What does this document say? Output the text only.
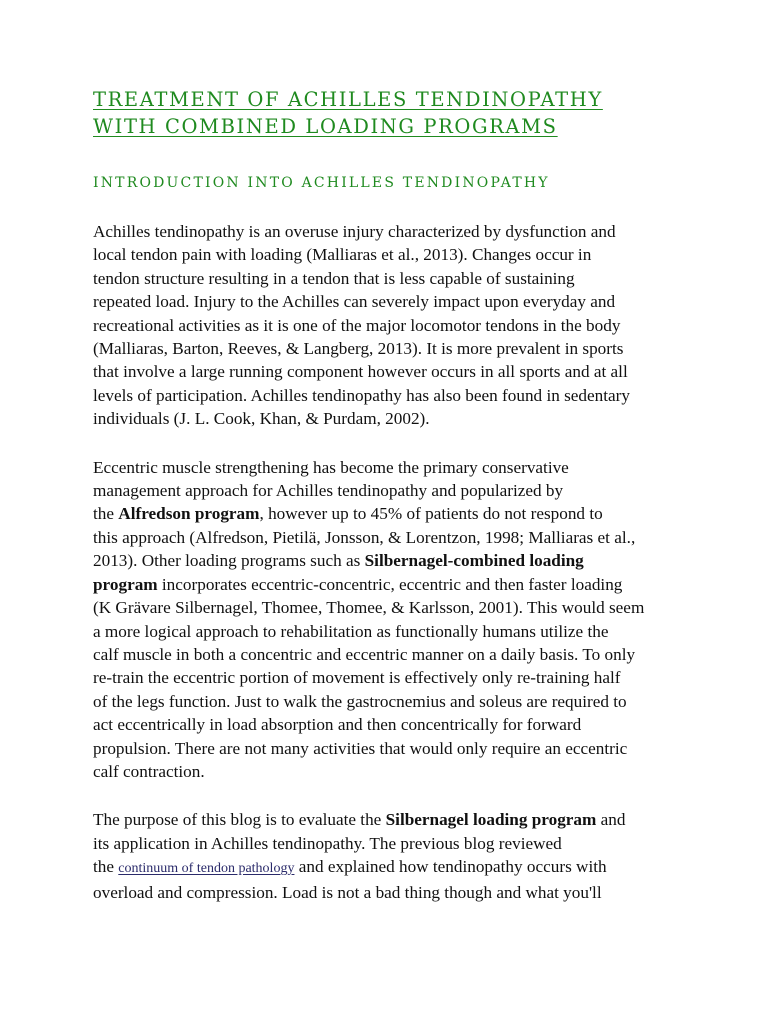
TREATMENT OF ACHILLES TENDINOPATHY
WITH COMBINED LOADING PROGRAMS
INTRODUCTION INTO ACHILLES TENDINOPATHY

Achilles tendinopathy is an overuse injury characterized by dysfunction and
local tendon pain with loading (Malliaras et al., 2013). Changes occur in
tendon structure resulting in a tendon that is less capable of sustaining
repeated load. Injury to the Achilles can severely impact upon everyday and
recreational activities as it is one of the major locomotor tendons in the body
(Malliaras, Barton, Reeves, & Langberg, 2013). It is more prevalent in sports
that involve a large running component however occurs in all sports and at all
levels of participation. Achilles tendinopathy has also been found in sedentary
individuals (J. L. Cook, Khan, & Purdam, 2002).

Eccentric muscle strengthening has become the primary conservative
management approach for Achilles tendinopathy and popularized by
the Alfredson program, however up to 45% of patients do not respond to
this approach (Alfredson, Pietilä, Jonsson, & Lorentzon, 1998; Malliaras et al.,
2013). Other loading programs such as Silbernagel-combined loading
program incorporates eccentric-concentric, eccentric and then faster loading
(K Grävare Silbernagel, Thomee, Thomee, & Karlsson, 2001). This would seem
a more logical approach to rehabilitation as functionally humans utilize the
calf muscle in both a concentric and eccentric manner on a daily basis. To only
re-train the eccentric portion of movement is effectively only re-training half
of the legs function. Just to walk the gastrocnemius and soleus are required to
act eccentrically in load absorption and then concentrically for forward
propulsion. There are not many activities that would only require an eccentric
calf contraction.

The purpose of this blog is to evaluate the Silbernagel loading program and
its application in Achilles tendinopathy. The previous blog reviewed
the continuum of tendon pathology and explained how tendinopathy occurs with
overload and compression. Load is not a bad thing though and what you'll
